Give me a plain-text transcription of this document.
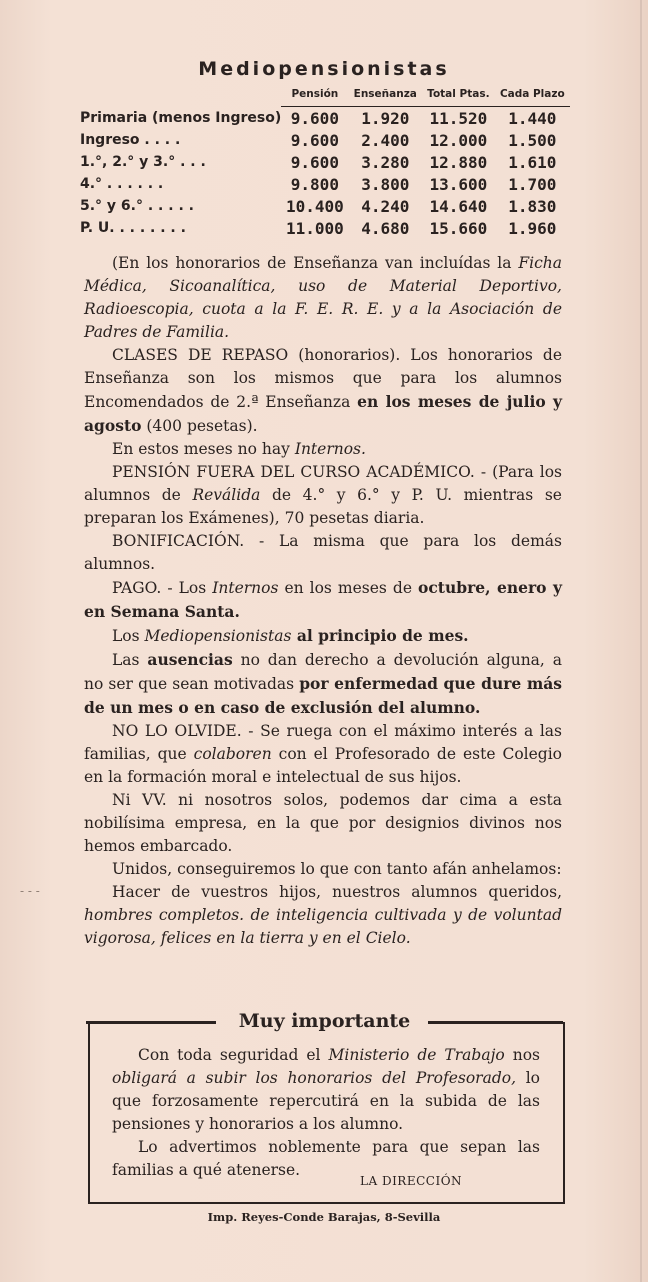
- - -
Mediopensionistas
	Pensión	Enseñanza	Total Ptas.	Cada Plazo
Primaria (menos Ingreso)	9.600	1.920	11.520	1.440
Ingreso . . . .	9.600	2.400	12.000	1.500
1.°, 2.° y 3.° . . .	9.600	3.280	12.880	1.610
4.° . . . . . .	9.800	3.800	13.600	1.700
5.° y 6.° . . . . .	10.400	4.240	14.640	1.830
P. U. . . . . . . .	11.000	4.680	15.660	1.960

(En los honorarios de Enseñanza van incluídas la Ficha Médica, Sicoanalítica, uso de Material Deportivo, Radioescopia, cuota a la F. E. R. E. y a la Asociación de Padres de Familia.

CLASES DE REPASO (honorarios). Los honorarios de Enseñanza son los mismos que para los alumnos Encomendados de 2.ª Enseñanza en los meses de julio y agosto (400 pesetas).

En estos meses no hay Internos.

PENSIÓN FUERA DEL CURSO ACADÉMICO. - (Para los alumnos de Reválida de 4.° y 6.° y P. U. mientras se preparan los Exámenes), 70 pesetas diaria.

BONIFICACIÓN. - La misma que para los demás alumnos.

PAGO. - Los Internos en los meses de octubre, enero y en Semana Santa.

Los Mediopensionistas al principio de mes.

Las ausencias no dan derecho a devolución alguna, a no ser que sean motivadas por enfermedad que dure más de un mes o en caso de exclusión del alumno.

NO LO OLVIDE. - Se ruega con el máximo interés a las familias, que colaboren con el Profesorado de este Colegio en la formación moral e intelectual de sus hijos.

Ni VV. ni nosotros solos, podemos dar cima a esta nobilísima empresa, en la que por designios divinos nos hemos embarcado.

Unidos, conseguiremos lo que con tanto afán anhelamos:

Hacer de vuestros hijos, nuestros alumnos queridos, hombres completos. de inteligencia cultivada y de voluntad vigorosa, felices en la tierra y en el Cielo.

Muy importante

Con toda seguridad el Ministerio de Trabajo nos obligará a subir los honorarios del Profesorado, lo que forzosamente repercutirá en la subida de las pensiones y honorarios a los alumno.

Lo advertimos noblemente para que sepan las familias a qué atenerse.

LA DIRECCIÓN
Imp. Reyes-Conde Barajas, 8-Sevilla
